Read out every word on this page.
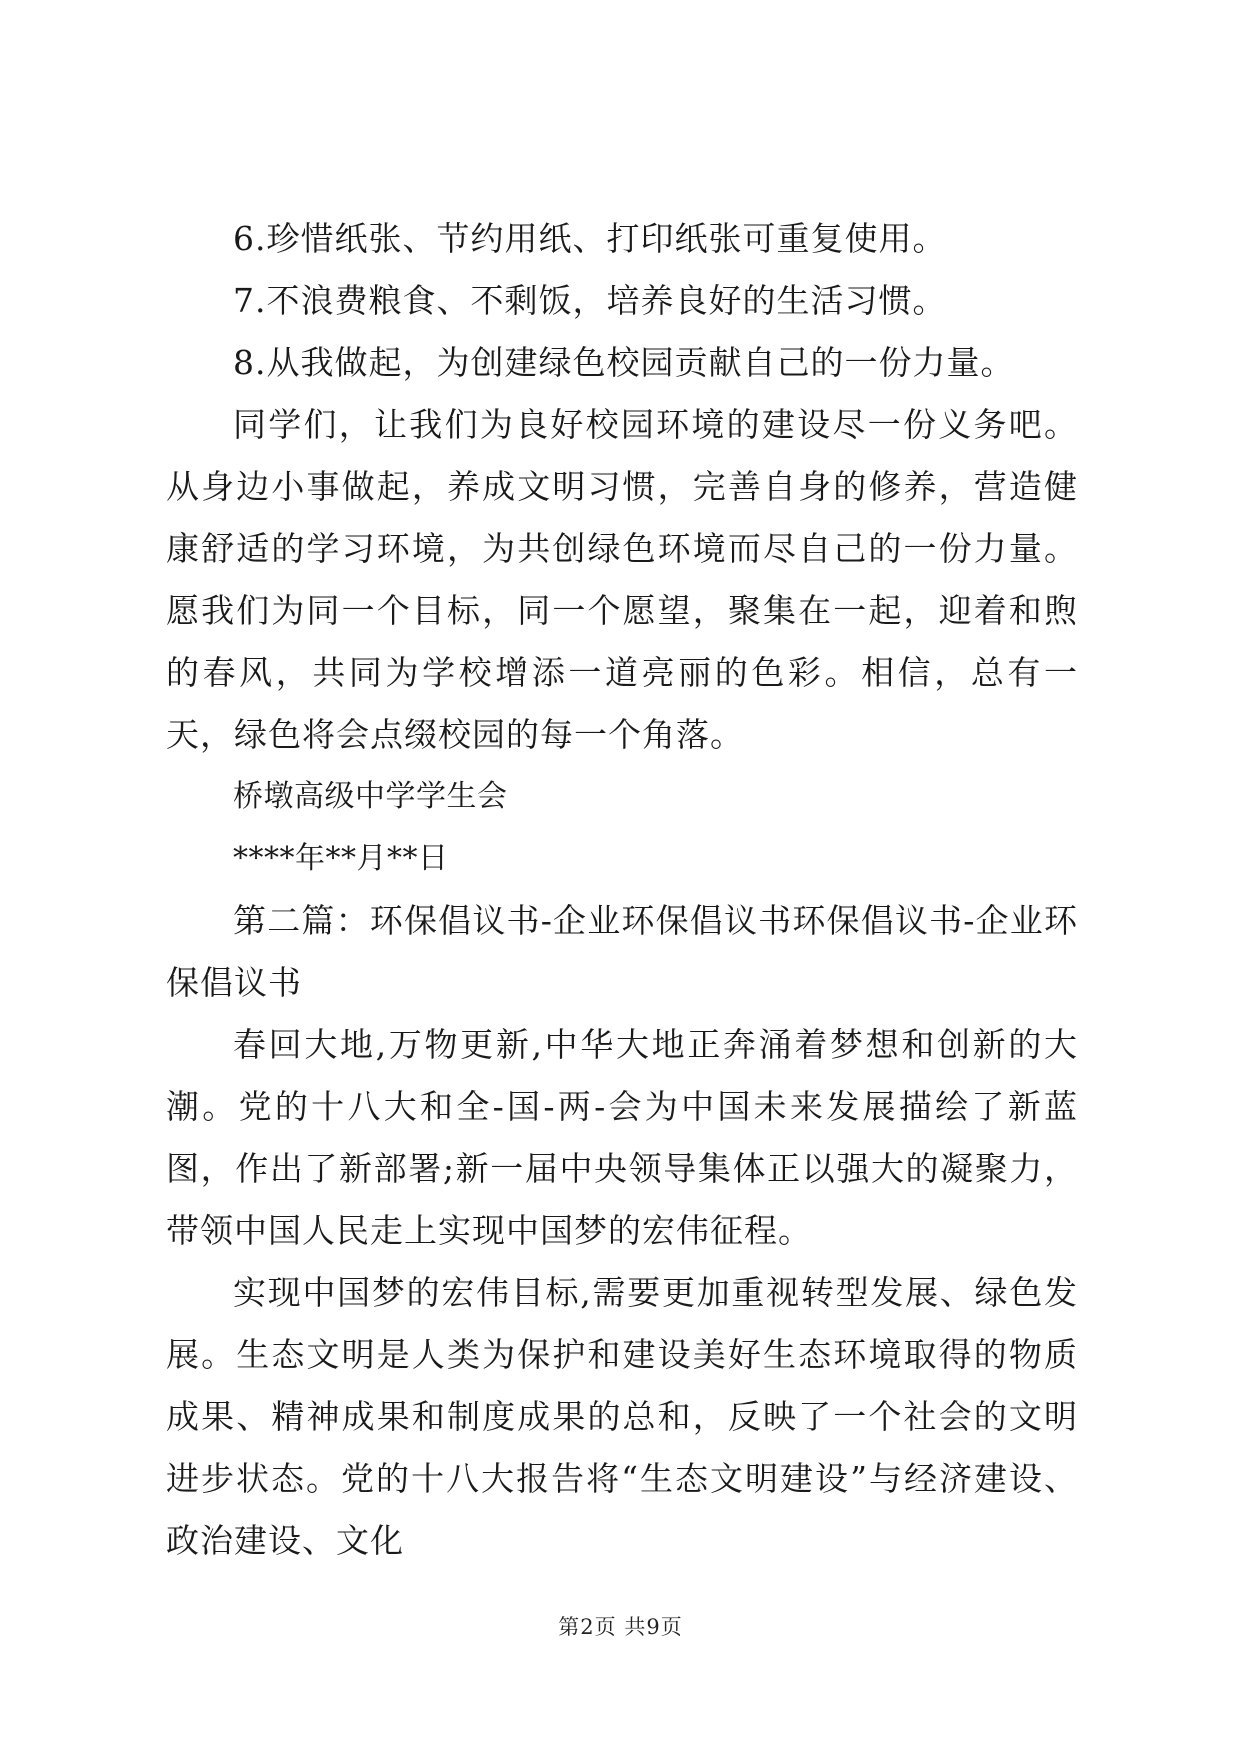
6.珍惜纸张、节约用纸、打印纸张可重复使用。

7.不浪费粮食、不剩饭，培养良好的生活习惯。

8.从我做起，为创建绿色校园贡献自己的一份力量。

同学们，让我们为良好校园环境的建设尽一份义务吧。从身边小事做起，养成文明习惯，完善自身的修养，营造健康舒适的学习环境，为共创绿色环境而尽自己的一份力量。愿我们为同一个目标，同一个愿望，聚集在一起，迎着和煦的春风，共同为学校增添一道亮丽的色彩。相信，总有一天，绿色将会点缀校园的每一个角落。

桥墩高级中学学生会

****年**月**日

第二篇：环保倡议书-企业环保倡议书环保倡议书-企业环保倡议书

春回大地,万物更新,中华大地正奔涌着梦想和创新的大潮。党的十八大和全-国-两-会为中国未来发展描绘了新蓝图，作出了新部署;新一届中央领导集体正以强大的凝聚力，带领中国人民走上实现中国梦的宏伟征程。

实现中国梦的宏伟目标,需要更加重视转型发展、绿色发展。生态文明是人类为保护和建设美好生态环境取得的物质成果、精神成果和制度成果的总和，反映了一个社会的文明进步状态。党的十八大报告将“生态文明建设”与经济建设、政治建设、文化

第2页 共9页
